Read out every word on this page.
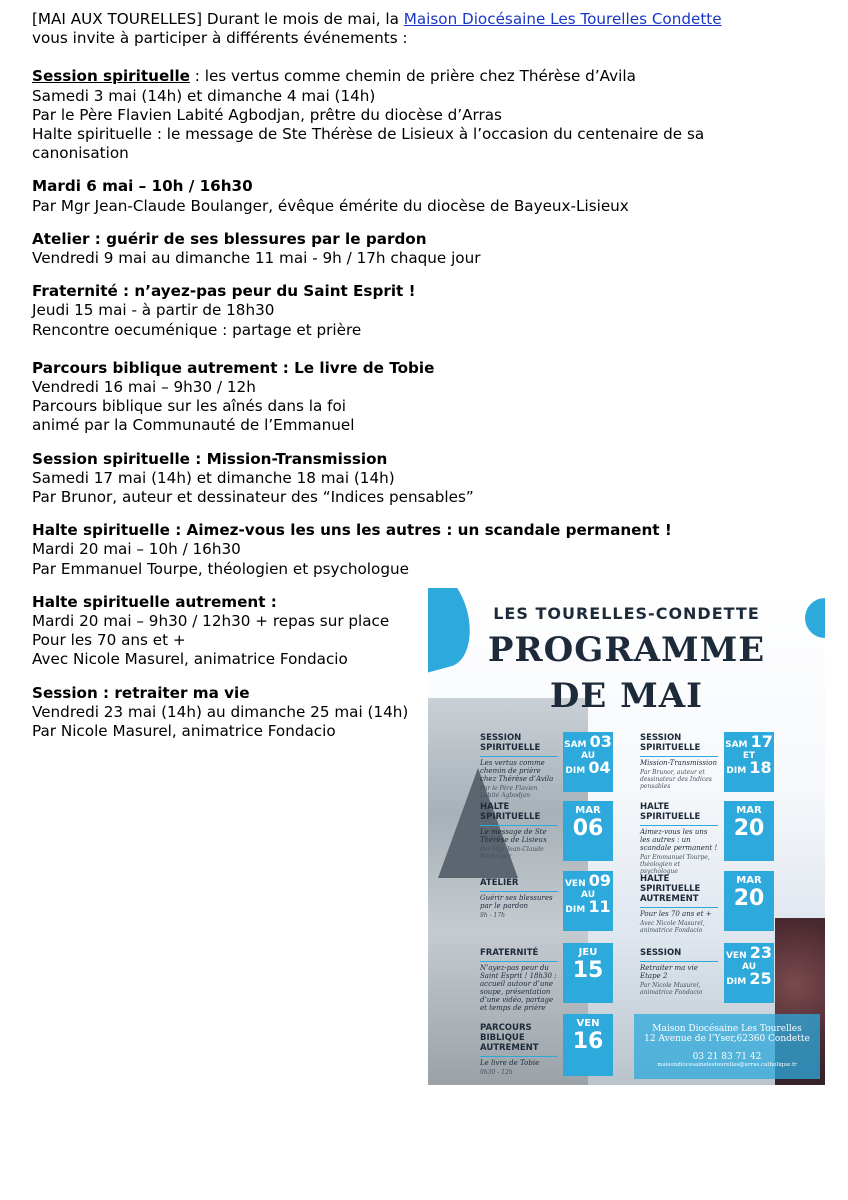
[MAI AUX TOURELLES] Durant le mois de mai, la Maison Diocésaine Les Tourelles Condette

vous invite à participer à différents événements :

Session spirituelle : les vertus comme chemin de prière chez Thérèse d’Avila

Samedi 3 mai (14h) et dimanche 4 mai (14h)

Par le Père Flavien Labité Agbodjan, prêtre du diocèse d’Arras

Halte spirituelle : le message de Ste Thérèse de Lisieux à l’occasion du centenaire de sa

canonisation

Mardi 6 mai – 10h / 16h30

Par Mgr Jean-Claude Boulanger, évêque émérite du diocèse de Bayeux-Lisieux

Atelier : guérir de ses blessures par le pardon

Vendredi 9 mai au dimanche 11 mai - 9h / 17h chaque jour

Fraternité : n’ayez-pas peur du Saint Esprit !

Jeudi 15 mai - à partir de 18h30

Rencontre oecuménique : partage et prière

Parcours biblique autrement : Le livre de Tobie

Vendredi 16 mai – 9h30 / 12h

Parcours biblique sur les aînés dans la foi

animé par la Communauté de l’Emmanuel

Session spirituelle : Mission-Transmission

Samedi 17 mai (14h) et dimanche 18 mai (14h)

Par Brunor, auteur et dessinateur des “Indices pensables”

Halte spirituelle : Aimez-vous les uns les autres : un scandale permanent !

Mardi 20 mai – 10h / 16h30

Par Emmanuel Tourpe, théologien et psychologue

Halte spirituelle autrement :

Mardi 20 mai – 9h30 / 12h30 + repas sur place

Pour les 70 ans et +

Avec Nicole Masurel, animatrice Fondacio

Session : retraiter ma vie

Vendredi 23 mai (14h) au dimanche 25 mai (14h)

Par Nicole Masurel, animatrice Fondacio

LES TOURELLES-CONDETTE
PROGRAMME
DE MAI
SESSION SPIRITUELLE
Les vertus comme chemin de prière chez Thérèse d’Avila
Par le Père Flavien Labité Agbodjan
SAM 03
AU
DIM 04
HALTE SPIRITUELLE
Le message de Ste Thérèse de Lisieux
Par Mgr Jean-Claude Boulanger
MAR
06
ATELIER
Guérir ses blessures par le pardon
9h - 17h
VEN 09
AU
DIM 11
FRATERNITÉ
N’ayez-pas peur du Saint Esprit ! 18h30 : accueil autour d’une soupe, présentation d’une vidéo, partage et temps de prière
JEU
15
PARCOURS BIBLIQUE AUTREMENT
Le livre de Tobie
9h30 - 12h
VEN
16
SESSION SPIRITUELLE
Mission-Transmission
Par Brunor, auteur et dessinateur des Indices pensables
SAM 17
ET
DIM 18
HALTE SPIRITUELLE
Aimez-vous les uns les autres : un scandale permanent !
Par Emmanuel Tourpe, théologien et psychologue
MAR
20
HALTE SPIRITUELLE AUTREMENT
Pour les 70 ans et +
Avec Nicole Masurel, animatrice Fondacio
MAR
20
SESSION
Retraiter ma vie Etape 2
Par Nicole Masurel, animatrice Fondacio
VEN 23
AU
DIM 25
Maison Diocésaine Les Tourelles
12 Avenue de l’Yser,62360 Condette
03 21 83 71 42
maisondiocesainelestourelles@arras.catholique.fr
